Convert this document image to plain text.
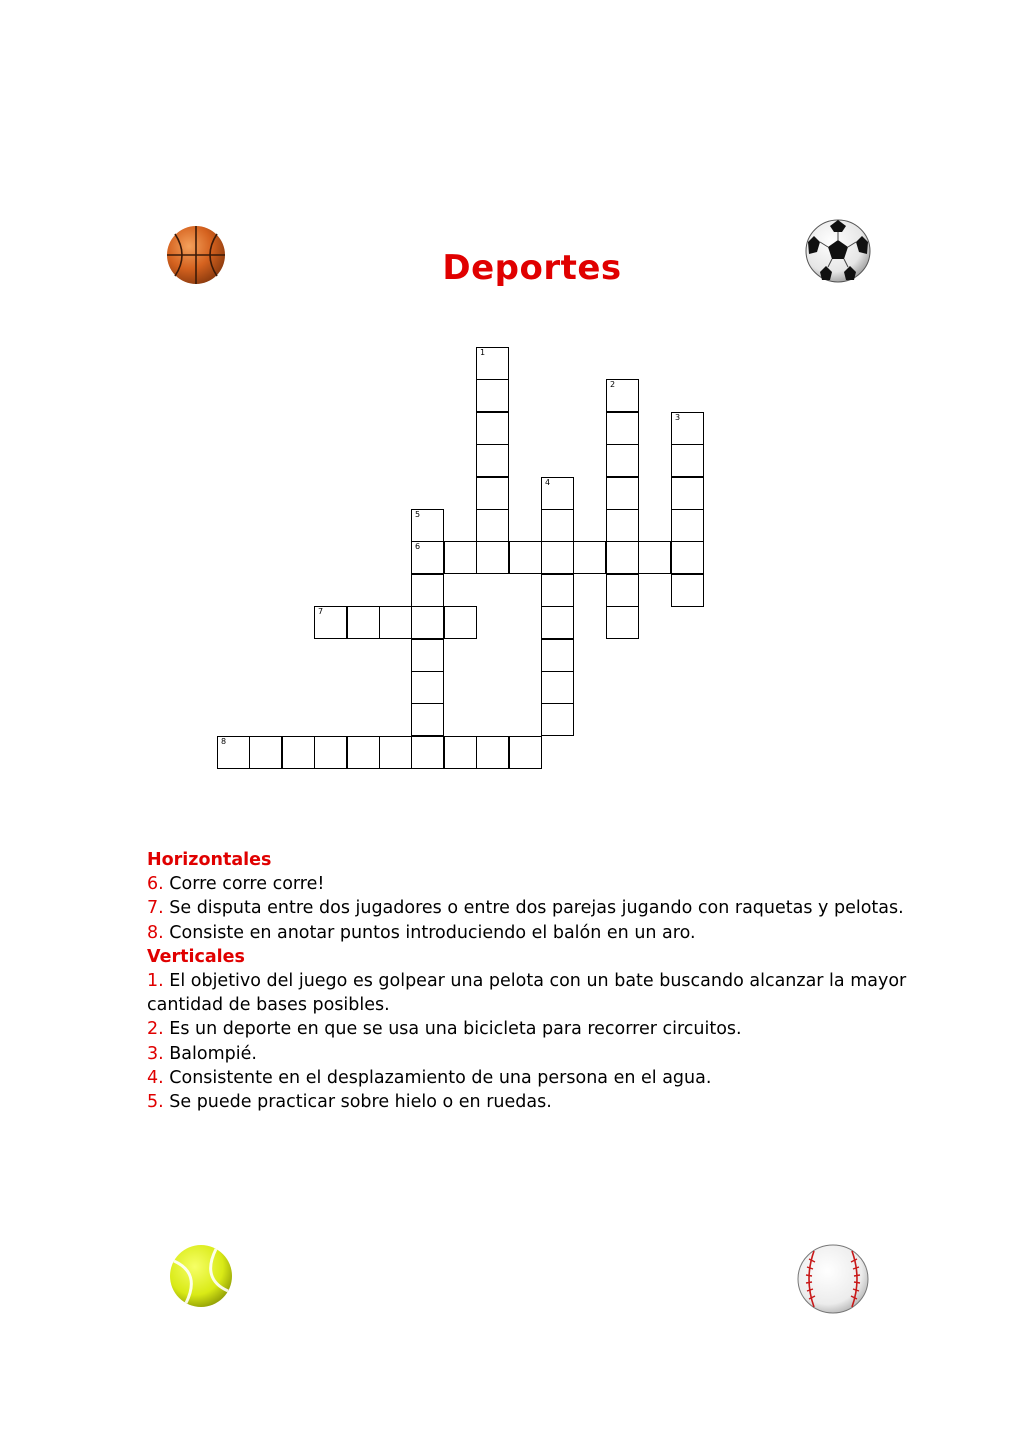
Deportes
1
2
3
4
5
6
7
8
Horizontales
6. Corre corre corre!
7. Se disputa entre dos jugadores o entre dos parejas jugando con raquetas y pelotas.
8. Consiste en anotar puntos introduciendo el balón en un aro.
Verticales
1. El objetivo del juego es golpear una pelota con un bate buscando alcanzar la mayor cantidad de bases posibles.
2. Es un deporte en que se usa una bicicleta para recorrer circuitos.
3. Balompié.
4. Consistente en el desplazamiento de una persona en el agua.
5. Se puede practicar sobre hielo o en ruedas.
